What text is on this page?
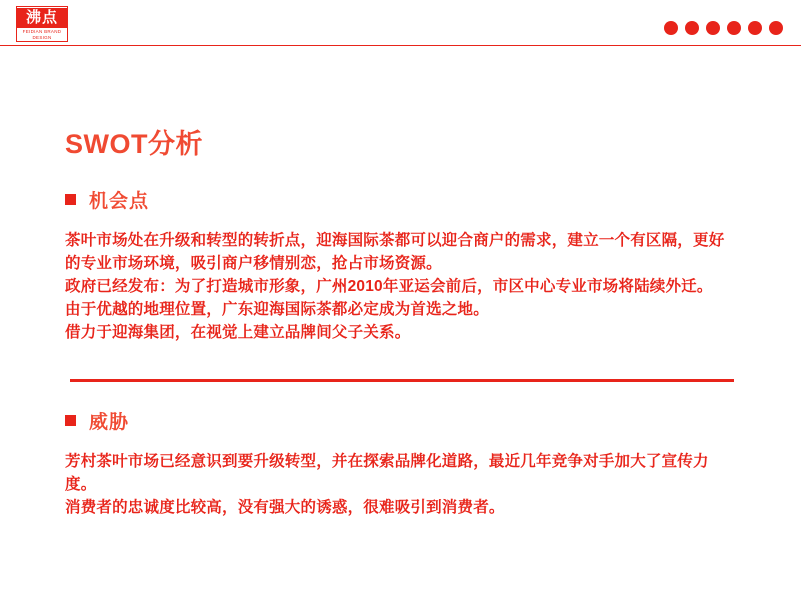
沸点
FEIDIAN BRAND DESIGN
SWOT分析
机会点

茶叶市场处在升级和转型的转折点，迎海国际茶都可以迎合商户的需求，建立一个有区隔，更好的专业市场环境，吸引商户移情别恋，抢占市场资源。

政府已经发布：为了打造城市形象，广州2010年亚运会前后，市区中心专业市场将陆续外迁。由于优越的地理位置，广东迎海国际茶都必定成为首选之地。

借力于迎海集团，在视觉上建立品牌间父子关系。

威胁

芳村茶叶市场已经意识到要升级转型，并在探索品牌化道路，最近几年竞争对手加大了宣传力度。

消费者的忠诚度比较高，没有强大的诱惑，很难吸引到消费者。
